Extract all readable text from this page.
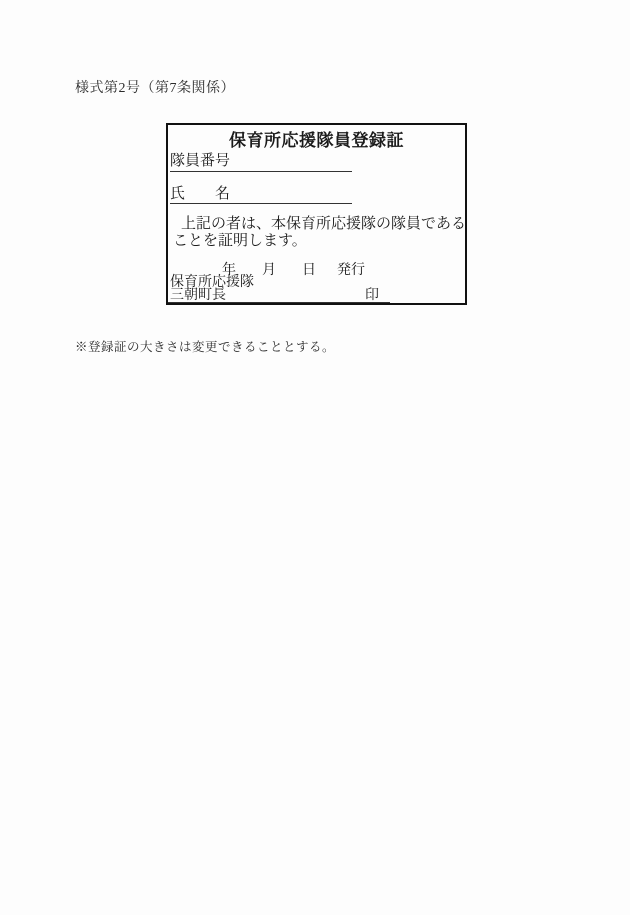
様式第2号（第7条関係）
保育所応援隊員登録証
隊員番号
氏　　名
上記の者は、本保育所応援隊の隊員である
ことを証明します。
年 月 日 発行
保育所応援隊
三朝町長	印
※登録証の大きさは変更できることとする。
